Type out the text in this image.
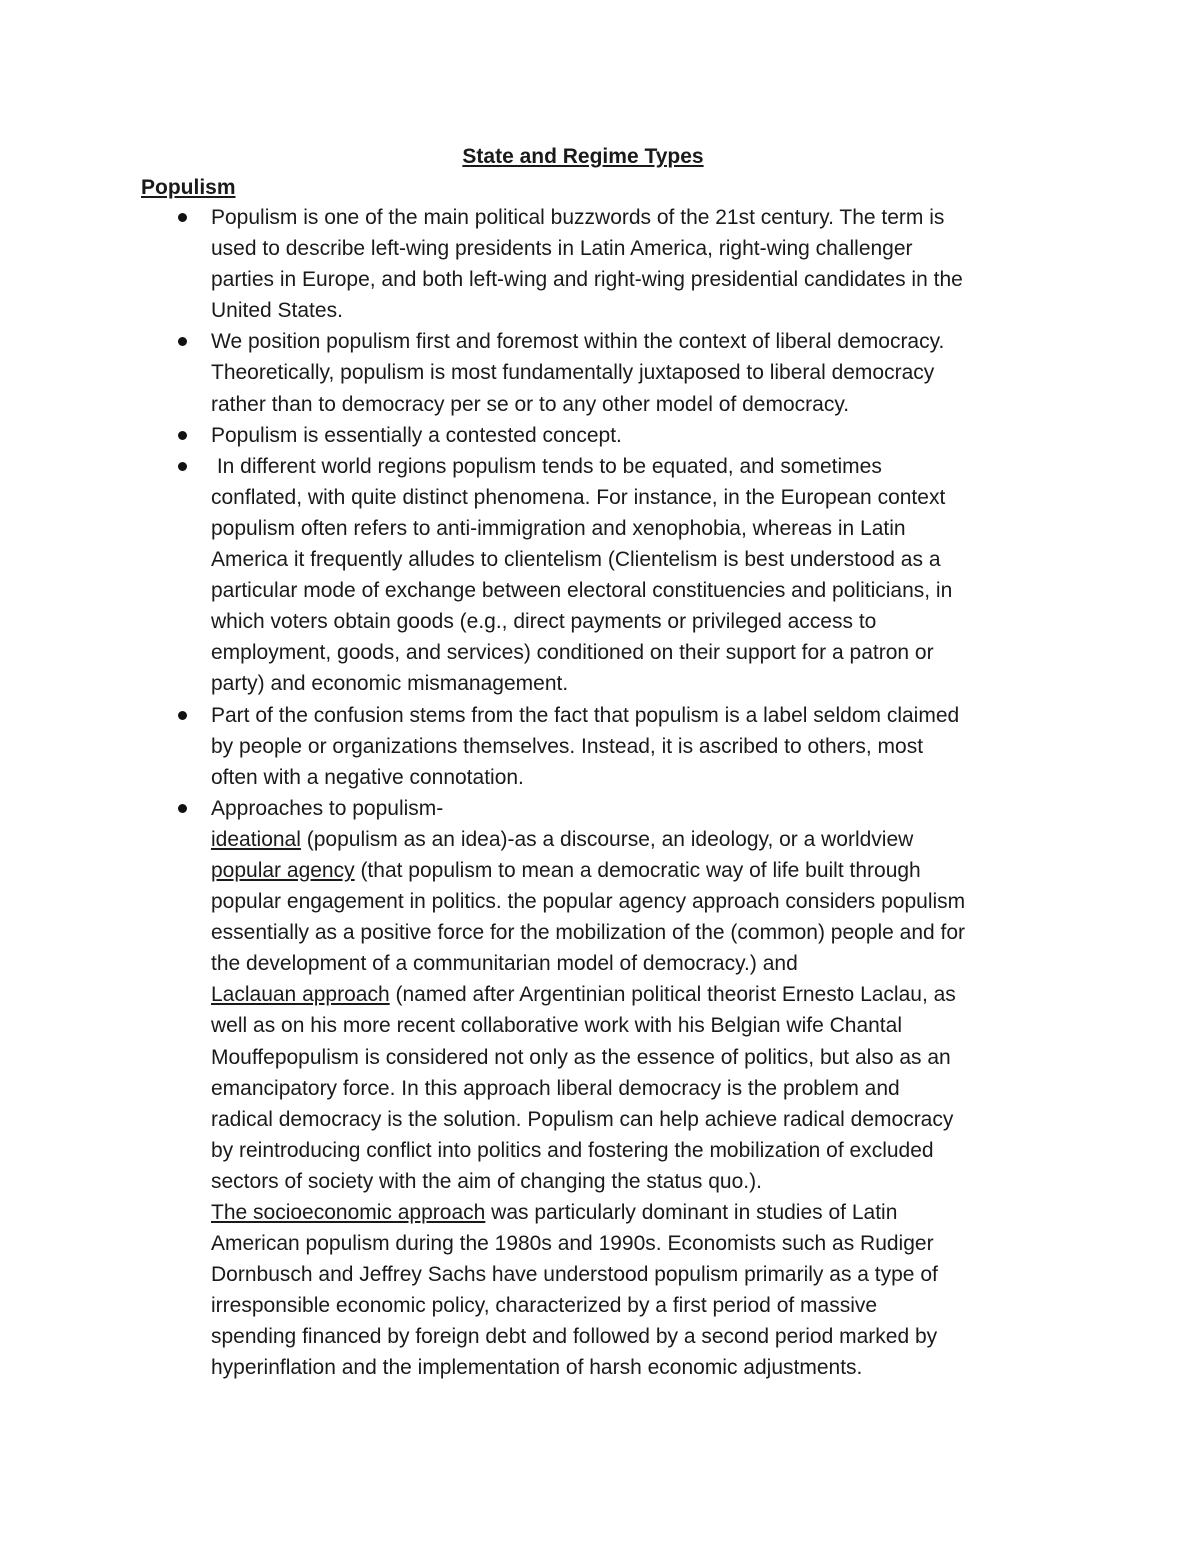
State and Regime Types
Populism
Populism is one of the main political buzzwords of the 21st century. The term is
used to describe left-wing presidents in Latin America, right-wing challenger
parties in Europe, and both left-wing and right-wing presidential candidates in the
United States.
We position populism first and foremost within the context of liberal democracy.
Theoretically, populism is most fundamentally juxtaposed to liberal democracy
rather than to democracy per se or to any other model of democracy.
Populism is essentially a contested concept.
In different world regions populism tends to be equated, and sometimes
conflated, with quite distinct phenomena. For instance, in the European context
populism often refers to anti-immigration and xenophobia, whereas in Latin
America it frequently alludes to clientelism (Clientelism is best understood as a
particular mode of exchange between electoral constituencies and politicians, in
which voters obtain goods (e.g., direct payments or privileged access to
employment, goods, and services) conditioned on their support for a patron or
party) and economic mismanagement.
Part of the confusion stems from the fact that populism is a label seldom claimed
by people or organizations themselves. Instead, it is ascribed to others, most
often with a negative connotation.
Approaches to populism-
ideational (populism as an idea)-as a discourse, an ideology, or a worldview
popular agency (that populism to mean a democratic way of life built through
popular engagement in politics. the popular agency approach considers populism
essentially as a positive force for the mobilization of the (common) people and for
the development of a communitarian model of democracy.) and
Laclauan approach (named after Argentinian political theorist Ernesto Laclau, as
well as on his more recent collaborative work with his Belgian wife Chantal
Mouffepopulism is considered not only as the essence of politics, but also as an
emancipatory force. In this approach liberal democracy is the problem and
radical democracy is the solution. Populism can help achieve radical democracy
by reintroducing conflict into politics and fostering the mobilization of excluded
sectors of society with the aim of changing the status quo.).
The socioeconomic approach was particularly dominant in studies of Latin
American populism during the 1980s and 1990s. Economists such as Rudiger
Dornbusch and Jeffrey Sachs have understood populism primarily as a type of
irresponsible economic policy, characterized by a first period of massive
spending financed by foreign debt and followed by a second period marked by
hyperinflation and the implementation of harsh economic adjustments.
